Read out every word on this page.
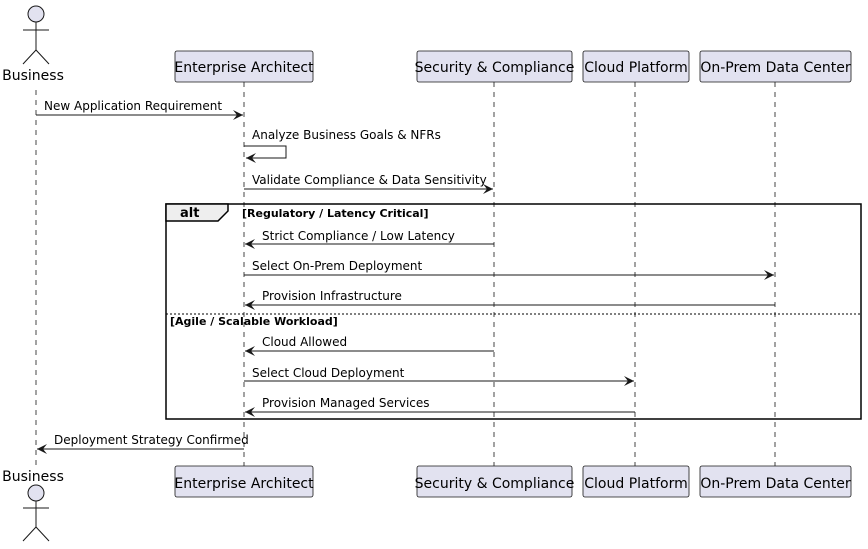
Business	Enterprise Architect	Security & Compliance Cloud Platform On-Prem Data Center
New Application Requirement
Analyze Business Goals & NFRs
Validate Compliance & Data Sensitivity
alt	[Regulatory / Latency Critical]
[Agile / Scalable Workload]
Strict Compliance / Low Latency
Select On-Prem Deployment
Provision Infrastructure
Cloud Allowed
Select Cloud Deployment
Provision Managed Services
Deployment Strategy Confirmed
Business	Enterprise Architect	Security & Compliance Cloud Platform On-Prem Data Center
